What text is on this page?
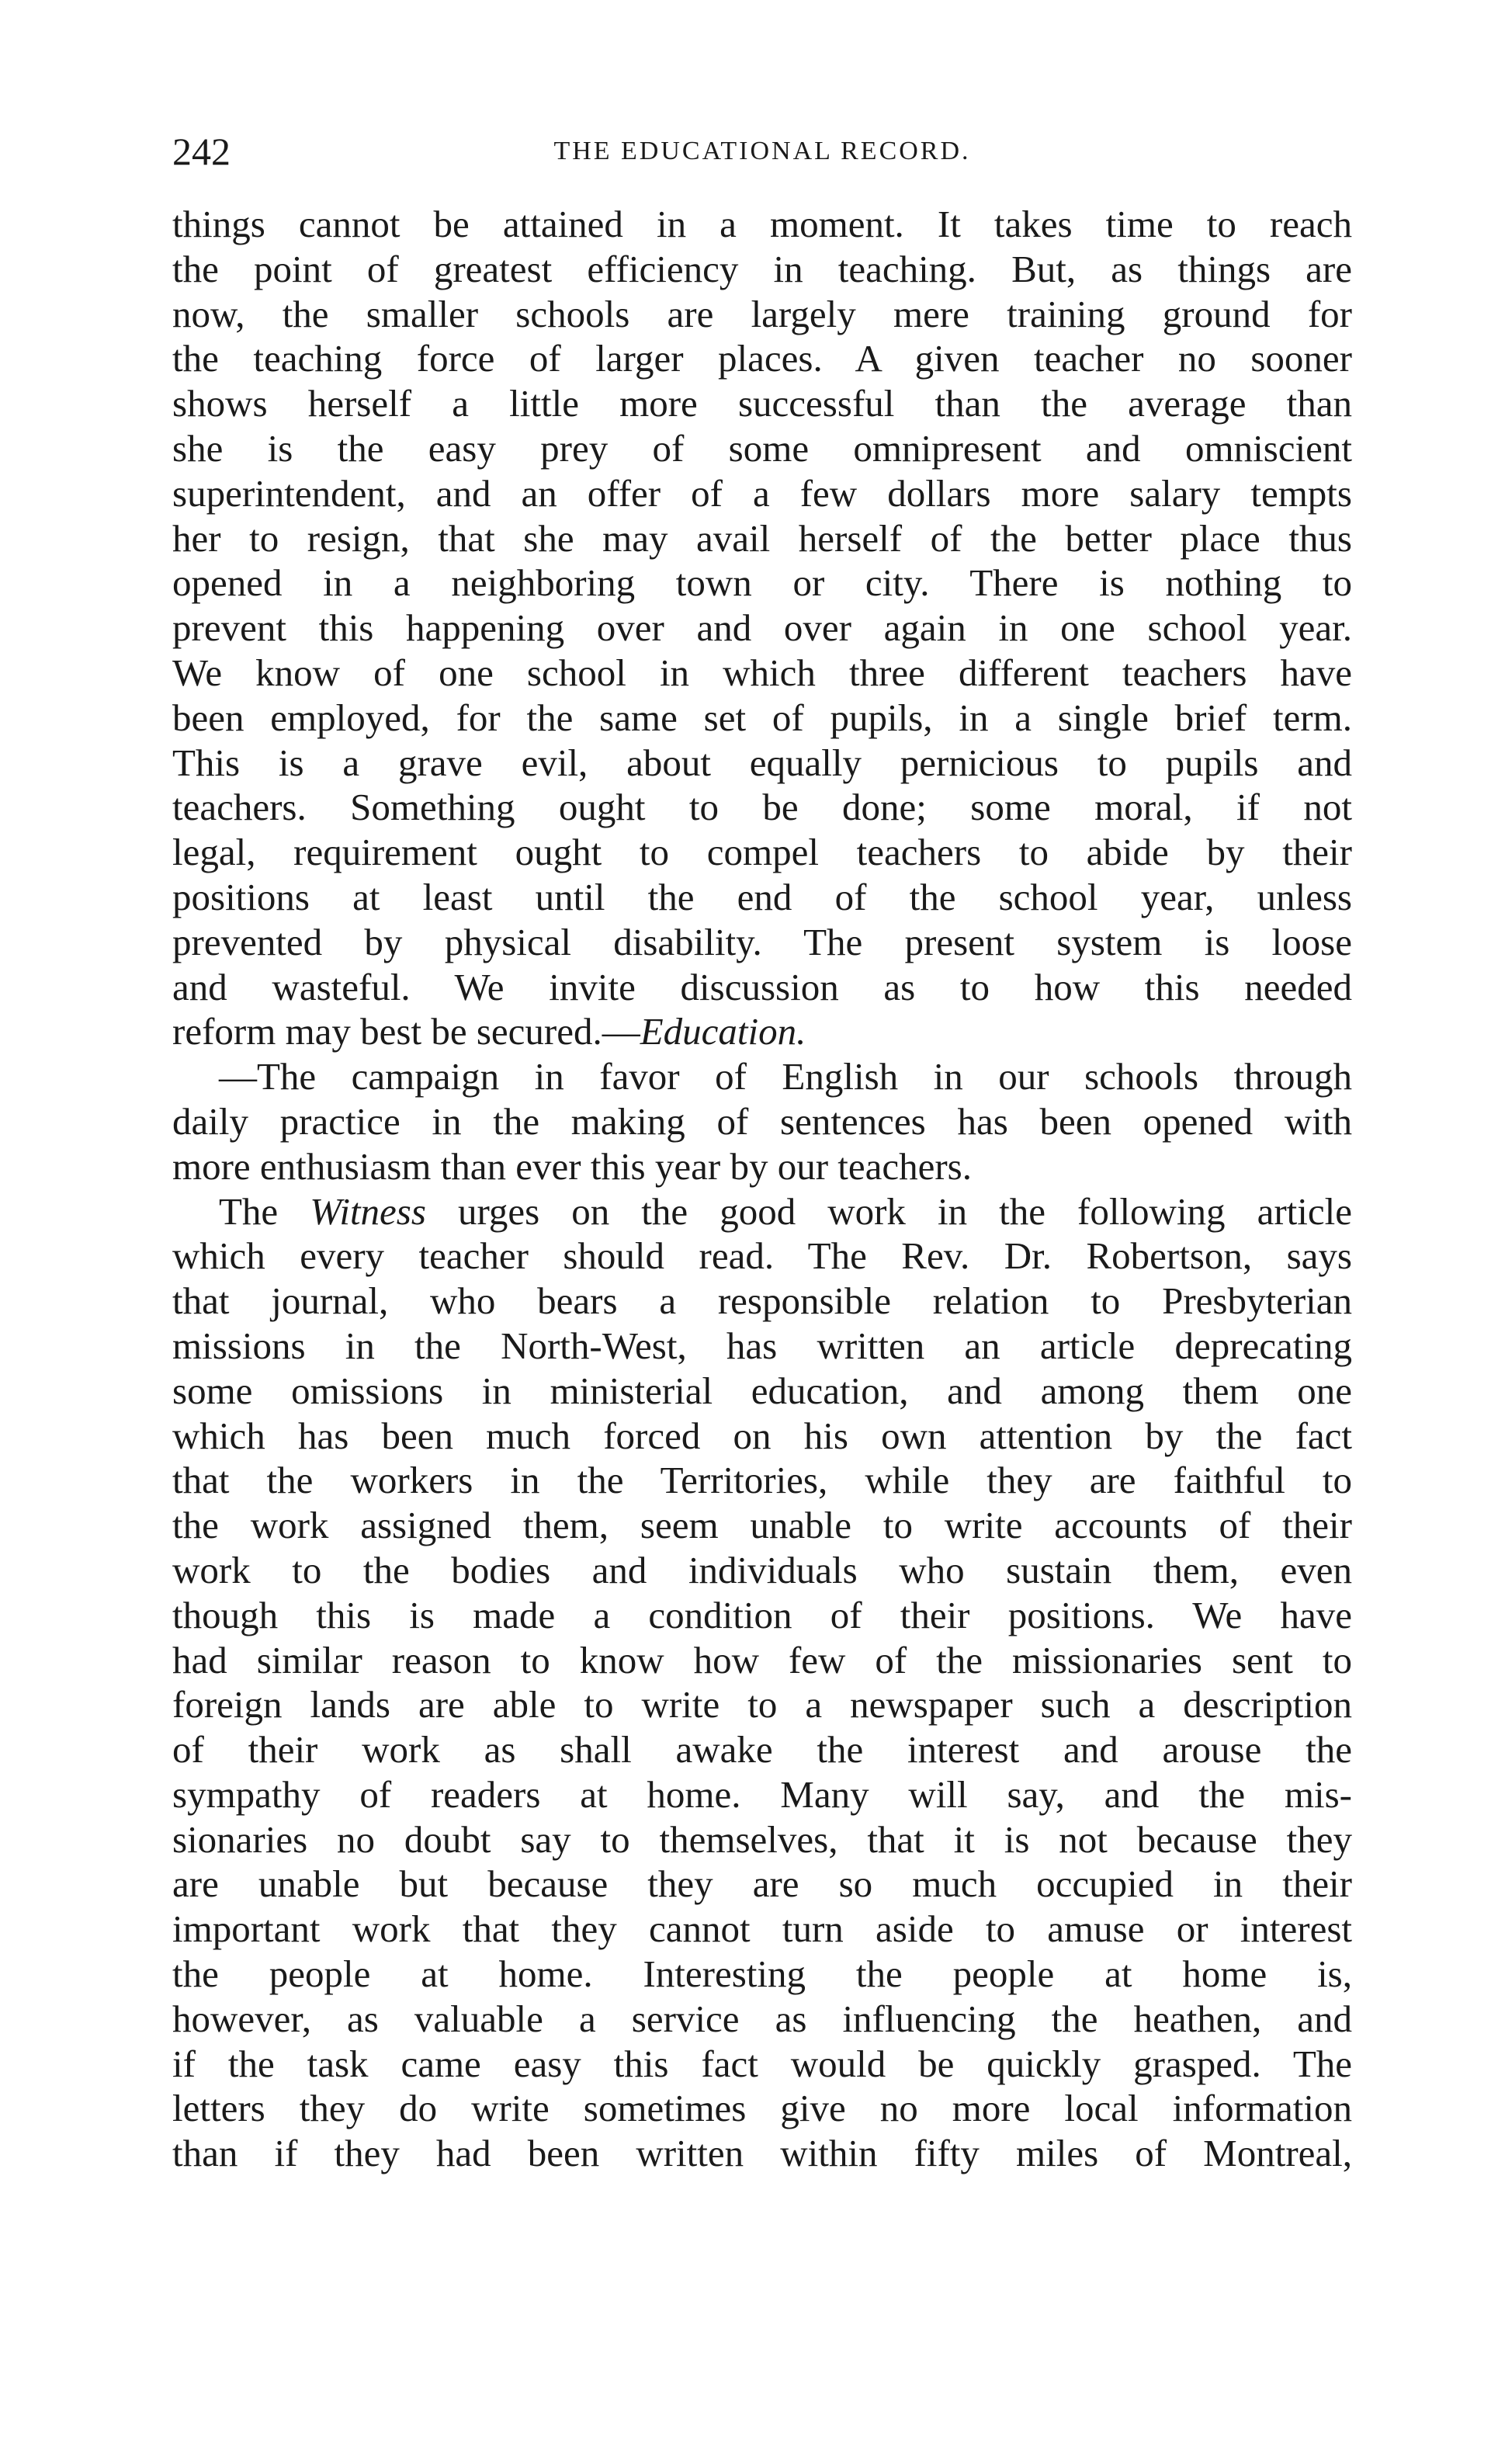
242	THE EDUCATIONAL RECORD.
things cannot be attained in a moment. It takes time to reach
the point of greatest efficiency in teaching. But, as things are
now, the smaller schools are largely mere training ground for
the teaching force of larger places. A given teacher no sooner
shows herself a little more successful than the average than
she is the easy prey of some omnipresent and omniscient
superintendent, and an offer of a few dollars more salary tempts
her to resign, that she may avail herself of the better place thus
opened in a neighboring town or city. There is nothing to
prevent this happening over and over again in one school year.
We know of one school in which three different teachers have
been employed, for the same set of pupils, in a single brief term.
This is a grave evil, about equally pernicious to pupils and
teachers. Something ought to be done; some moral, if not
legal, requirement ought to compel teachers to abide by their
positions at least until the end of the school year, unless
prevented by physical disability. The present system is loose
and wasteful. We invite discussion as to how this needed
reform may best be secured.—Education.
—The campaign in favor of English in our schools through
daily practice in the making of sentences has been opened with
more enthusiasm than ever this year by our teachers.
The Witness urges on the good work in the following article
which every teacher should read. The Rev. Dr. Robertson, says
that journal, who bears a responsible relation to Presbyterian
missions in the North-West, has written an article deprecating
some omissions in ministerial education, and among them one
which has been much forced on his own attention by the fact
that the workers in the Territories, while they are faithful to
the work assigned them, seem unable to write accounts of their
work to the bodies and individuals who sustain them, even
though this is made a condition of their positions. We have
had similar reason to know how few of the missionaries sent to
foreign lands are able to write to a newspaper such a description
of their work as shall awake the interest and arouse the
sympathy of readers at home. Many will say, and the mis-
sionaries no doubt say to themselves, that it is not because they
are unable but because they are so much occupied in their
important work that they cannot turn aside to amuse or interest
the people at home. Interesting the people at home is,
however, as valuable a service as influencing the heathen, and
if the task came easy this fact would be quickly grasped. The
letters they do write sometimes give no more local information
than if they had been written within fifty miles of Montreal,
